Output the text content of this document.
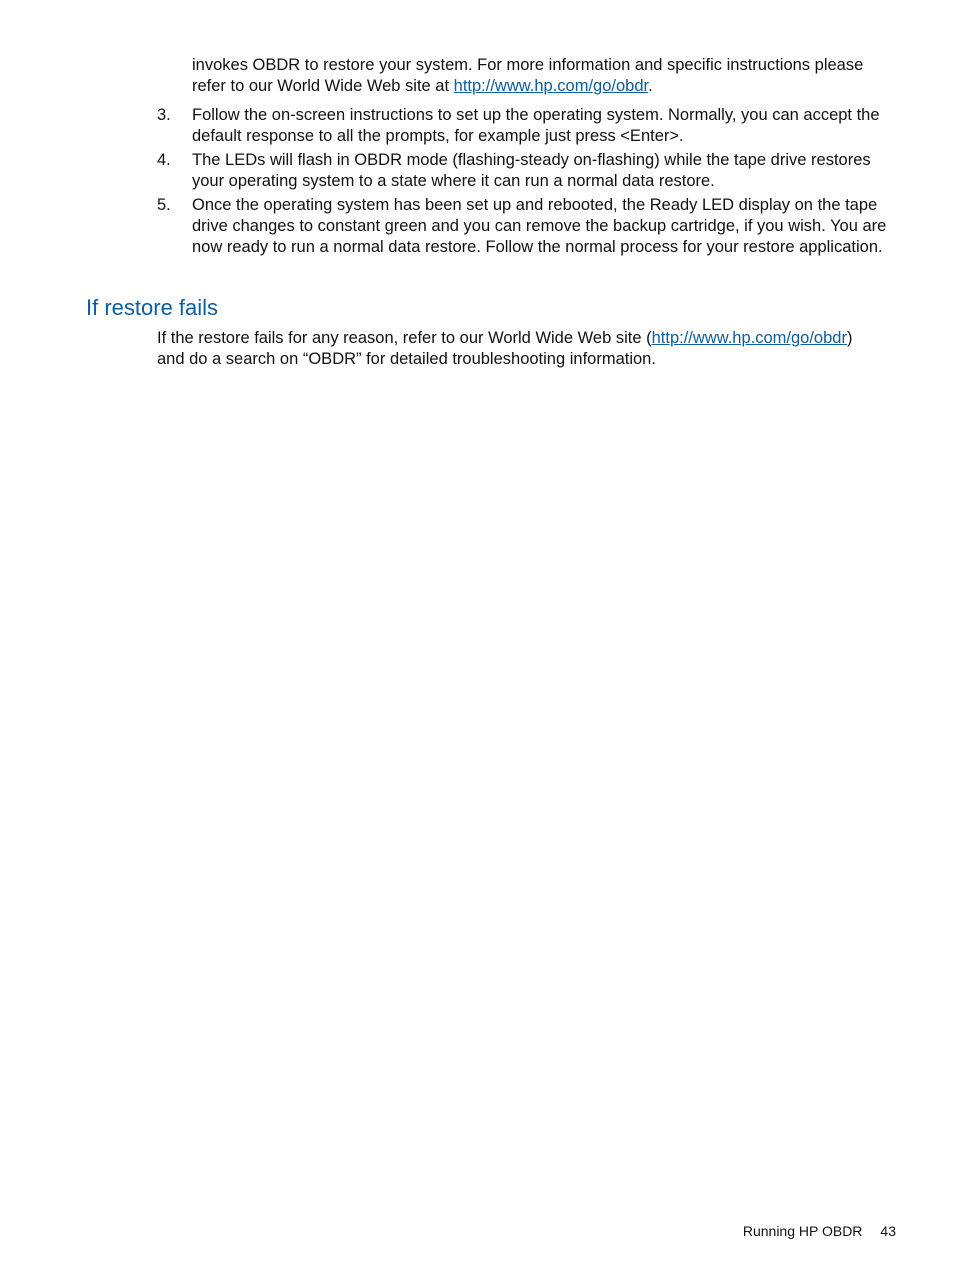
invokes OBDR to restore your system. For more information and specific instructions please refer to our World Wide Web site at http://www.hp.com/go/obdr.

3. Follow the on-screen instructions to set up the operating system. Normally, you can accept the default response to all the prompts, for example just press <Enter>.
4. The LEDs will flash in OBDR mode (flashing-steady on-flashing) while the tape drive restores your operating system to a state where it can run a normal data restore.
5. Once the operating system has been set up and rebooted, the Ready LED display on the tape drive changes to constant green and you can remove the backup cartridge, if you wish. You are now ready to run a normal data restore. Follow the normal process for your restore application.
If restore fails

If the restore fails for any reason, refer to our World Wide Web site (http://www.hp.com/go/obdr) and do a search on “OBDR” for detailed troubleshooting information.

Running HP OBDR 43
